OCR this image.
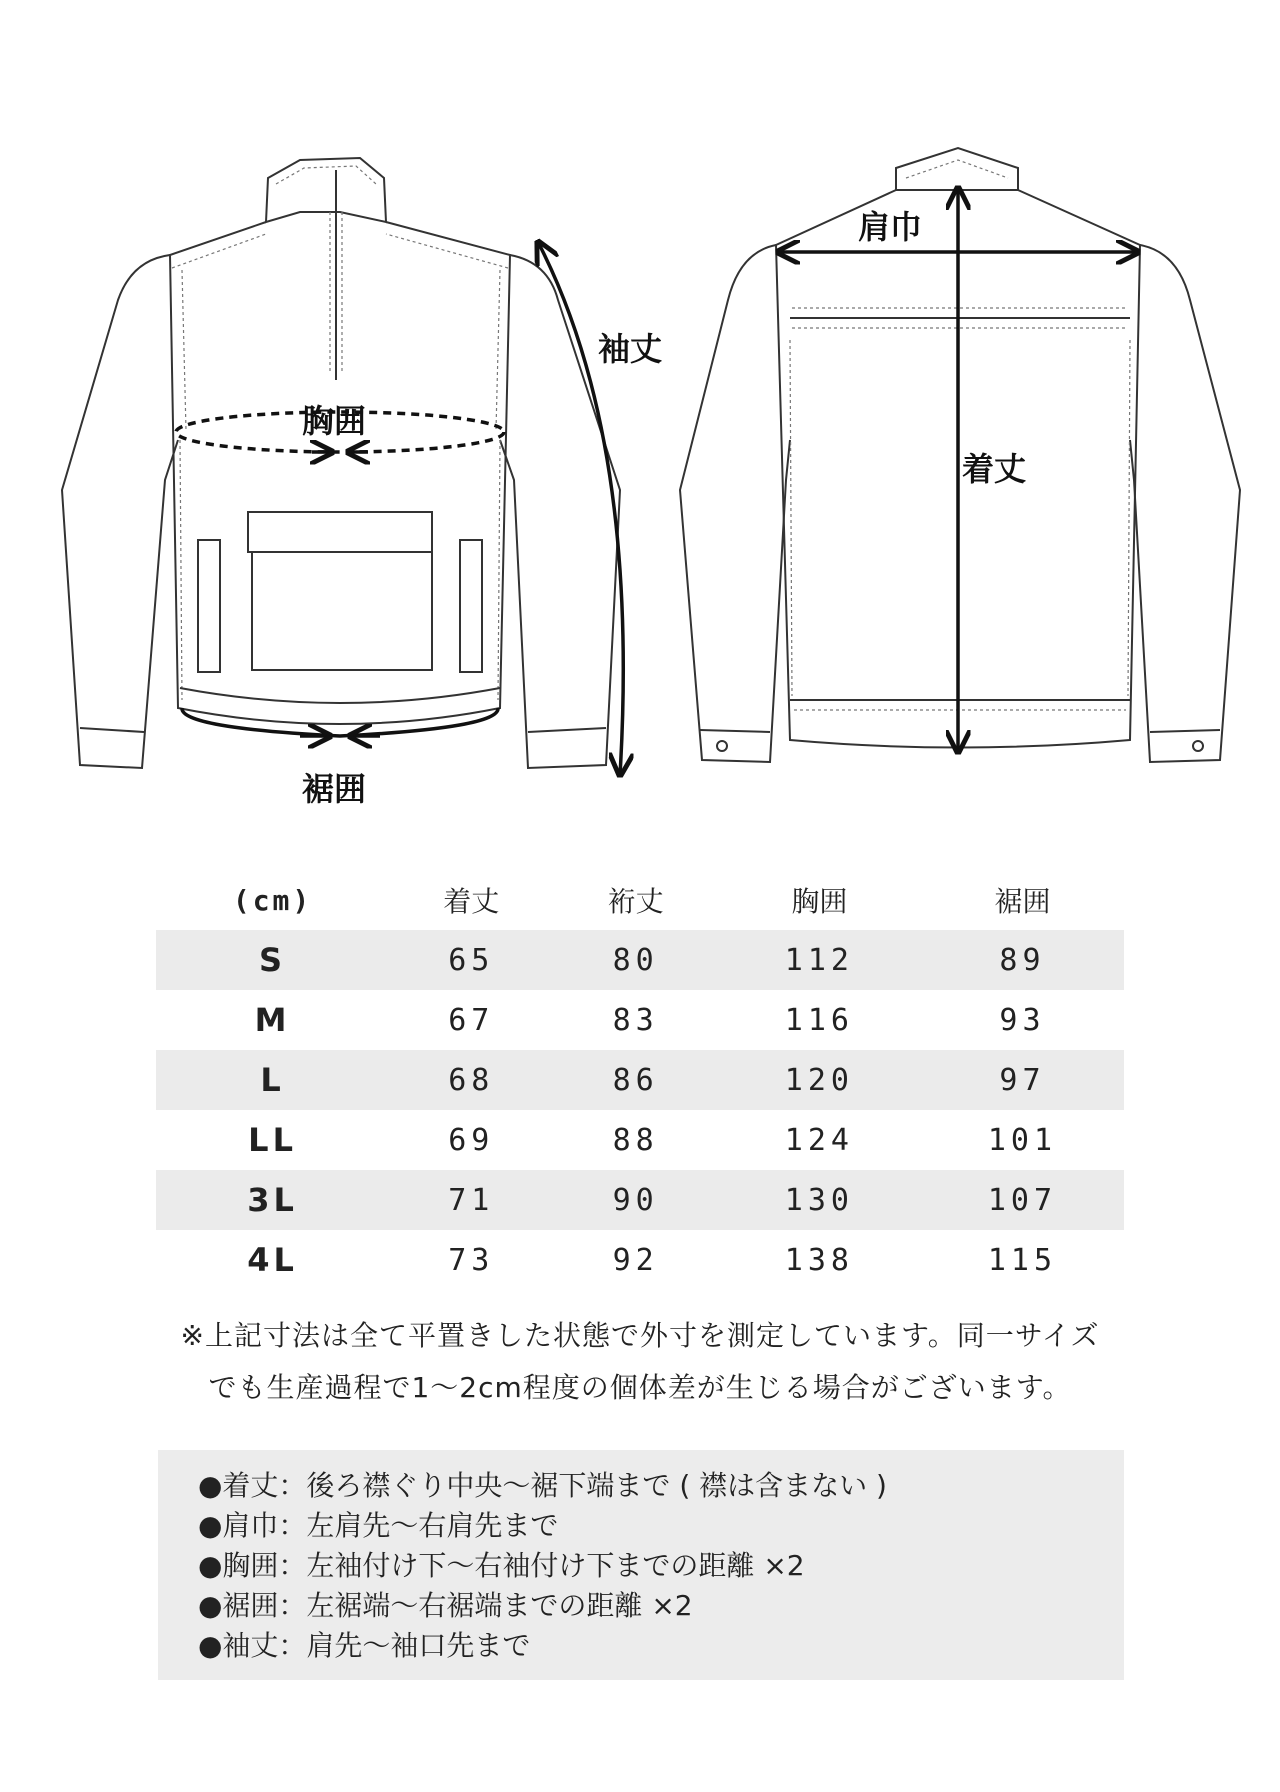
胸囲
裾囲
袖丈
肩巾
着丈
(cm)	着丈	裄丈	胸囲	裾囲
S	65	80	112	89
M	67	83	116	93
L	68	86	120	97
LL	69	88	124	101
3L	71	90	130	107
4L	73	92	138	115
※上記寸法は全て平置きした状態で外寸を測定しています。同一サイズ
でも生産過程で1〜2cm程度の個体差が生じる場合がございます。
●着丈：後ろ襟ぐり中央〜裾下端まで ( 襟は含まない )
●肩巾：左肩先〜右肩先まで
●胸囲：左袖付け下〜右袖付け下までの距離 ×2
●裾囲：左裾端〜右裾端までの距離 ×2
●袖丈：肩先〜袖口先まで
